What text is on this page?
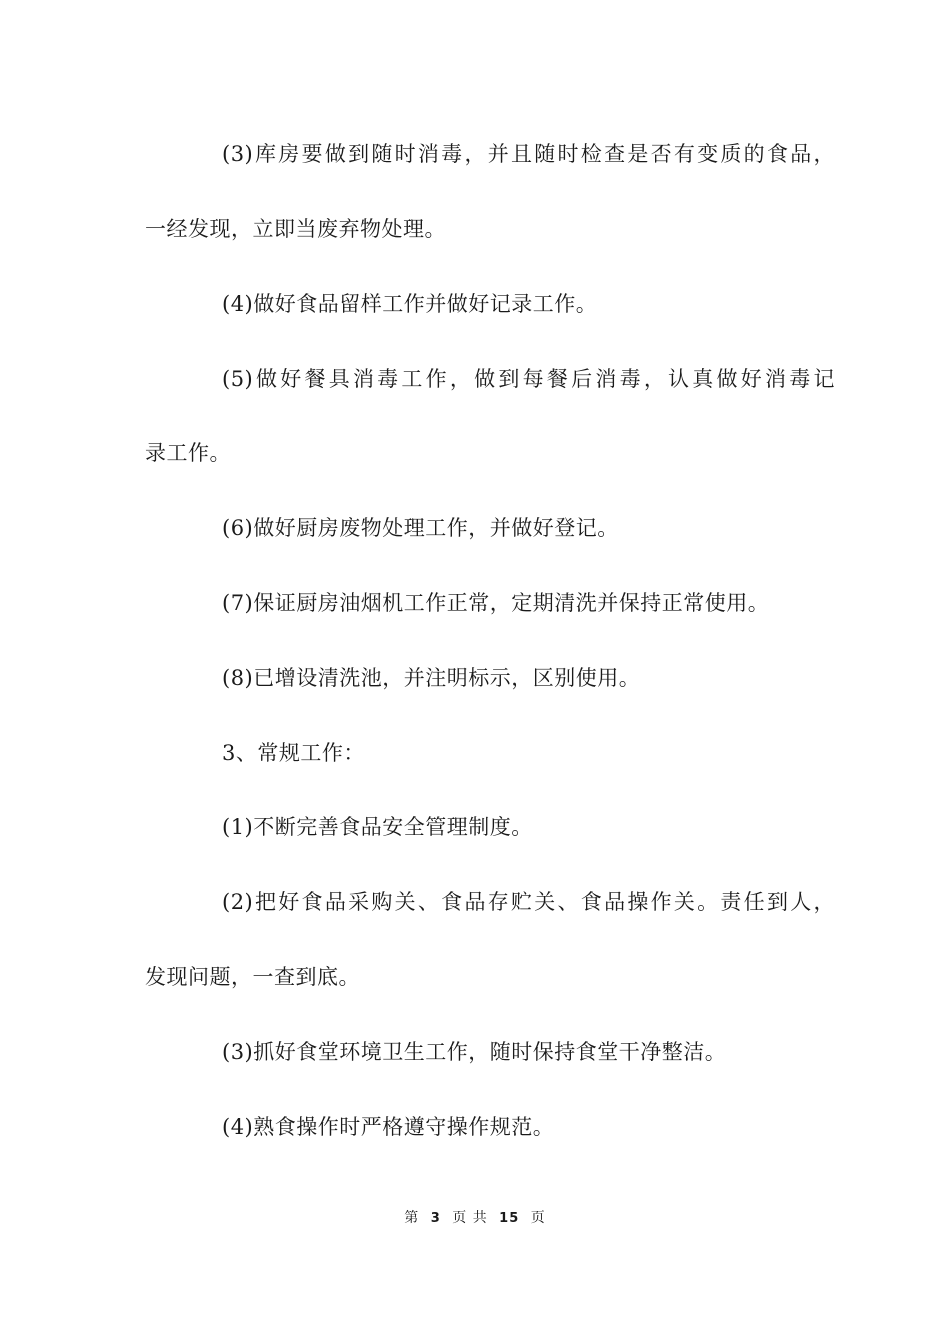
(3)库房要做到随时消毒，并且随时检查是否有变质的食品，
一经发现，立即当废弃物处理。
(4)做好食品留样工作并做好记录工作。
(5)做好餐具消毒工作，做到每餐后消毒，认真做好消毒记
录工作。
(6)做好厨房废物处理工作，并做好登记。
(7)保证厨房油烟机工作正常，定期清洗并保持正常使用。
(8)已增设清洗池，并注明标示，区别使用。
3、常规工作：
(1)不断完善食品安全管理制度。
(2)把好食品采购关、食品存贮关、食品操作关。责任到人，
发现问题，一查到底。
(3)抓好食堂环境卫生工作，随时保持食堂干净整洁。
(4)熟食操作时严格遵守操作规范。
第 3 页 共 15 页
